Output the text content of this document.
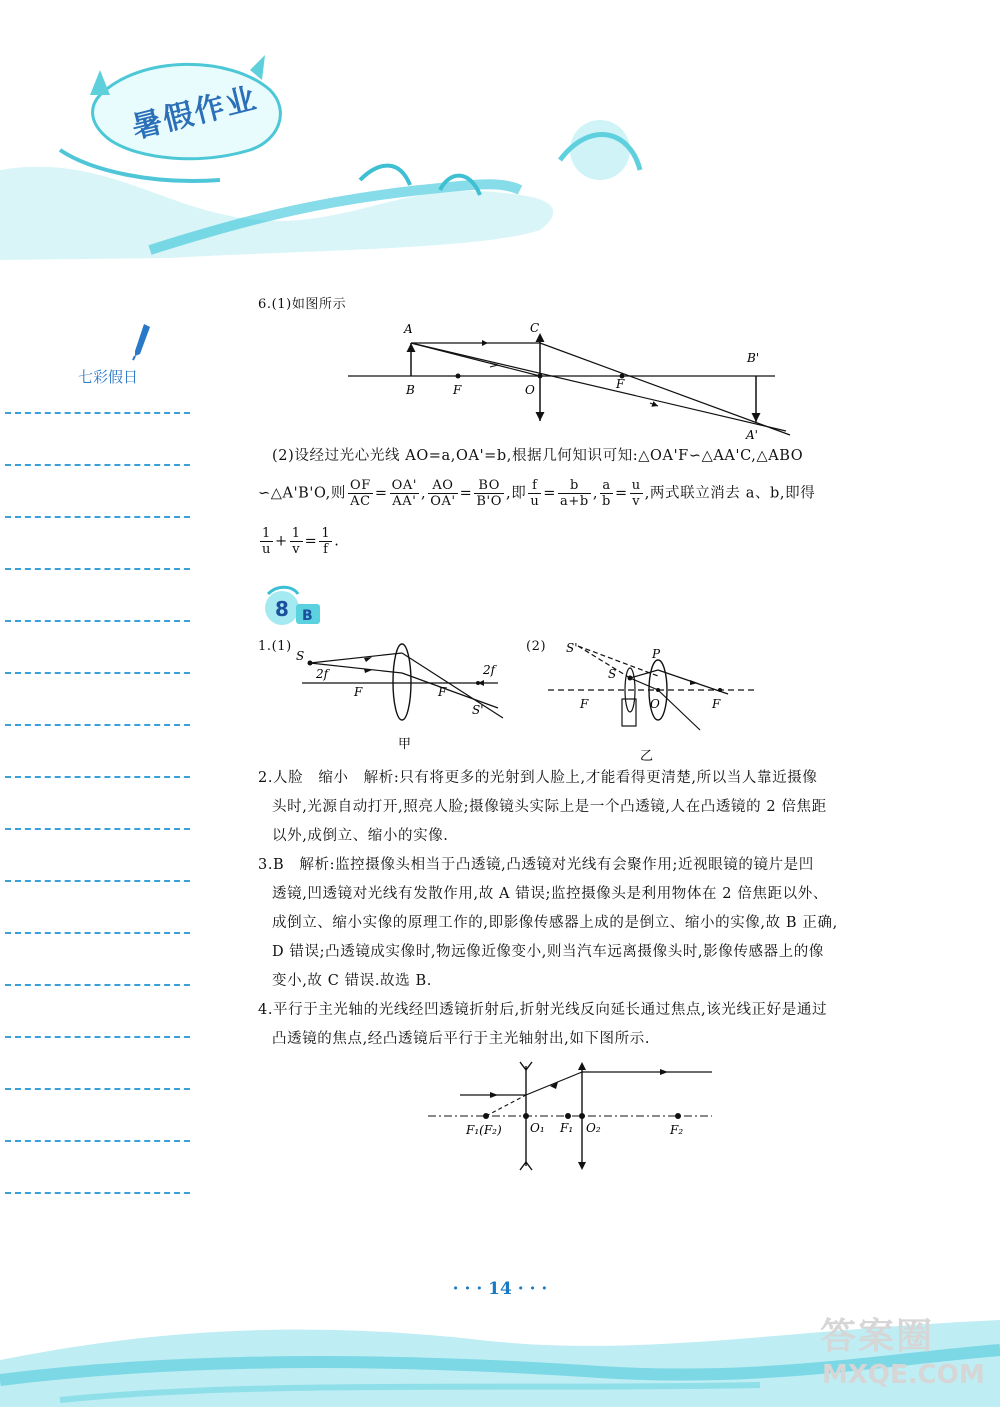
暑假作业
七彩假日
6.(1)如图所示
A
B
C
F	O	F
B'
A'
(2)设经过光心光线 AO=a,OA'=b,根据几何知识可知:△OA'F∽△AA'C,△ABO
∽△A'B'O,则 $\frac{OF}{AC} = \frac{OA'}{AA'}$ , $\frac{AO}{OA'} = \frac{BO}{B'O}$ ,即 $\frac{f}{u} = \frac{b}{a+b}$ , $\frac{a}{b} = \frac{u}{v}$ ,两式联立消去 a、b,即得
$\frac{1}{u} + \frac{1}{v} = \frac{1}{f}$ .
8 B
1.(1)	(2)
S
2f	2f
F	F
S'
甲
S'	P
S
F	O	F
乙
2.人脸　缩小　解析:只有将更多的光射到人脸上,才能看得更清楚,所以当人靠近摄像
头时,光源自动打开,照亮人脸;摄像镜头实际上是一个凸透镜,人在凸透镜的 2 倍焦距
以外,成倒立、缩小的实像.
3.B　解析:监控摄像头相当于凸透镜,凸透镜对光线有会聚作用;近视眼镜的镜片是凹
透镜,凹透镜对光线有发散作用,故 A 错误;监控摄像头是利用物体在 2 倍焦距以外、
成倒立、缩小实像的原理工作的,即影像传感器上成的是倒立、缩小的实像,故 B 正确,
D 错误;凸透镜成实像时,物远像近像变小,则当汽车远离摄像头时,影像传感器上的像
变小,故 C 错误.故选 B.
4.平行于主光轴的光线经凹透镜折射后,折射光线反向延长通过焦点,该光线正好是通过
凸透镜的焦点,经凸透镜后平行于主光轴射出,如下图所示.
F₁(F₂) O₁ F₁ O₂	F₂
· · · 14 · · ·
答案圈
MXQE.COM
